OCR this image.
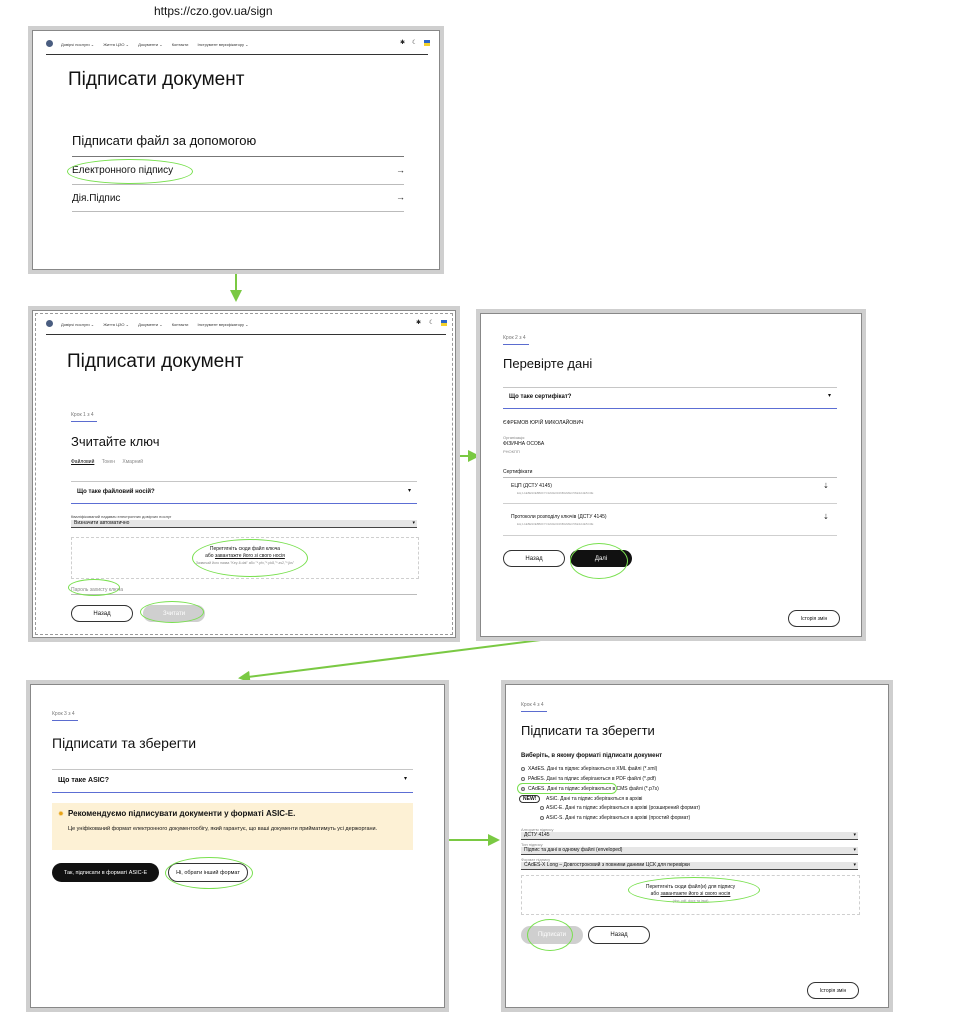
https://czo.gov.ua/sign
Довірчі послуги ⌄ Життя ЦЗО ⌄ Документи ⌄ Контакти Інструмент верифікатору ⌄	✱ ☾
Підписати документ
Підписати файл за допомогою
Електронного підпису	→
Дія.Підпис	→
Довірчі послуги ⌄ Життя ЦЗО ⌄ Документи ⌄ Контакти Інструмент верифікатору ⌄	✱ ☾
Підписати документ
Крок 1 з 4
Зчитайте ключ
Файловий Токен Хмарний
Що таке файловий носій?	▾
Кваліфікований надавач електронних довірчих послуг
Визначити автоматично	▾
Перетягніть сюди файл ключа
або завантажте його зі свого носія
Зазвичай його назва "Key-6.dat" або "*.pfx,"*.pk8,"*.zs2,"*.jks"
Пароль захисту ключа
Назад	Зчитати
Крок 2 з 4
Перевірте дані
Що таке сертифікат?	▾
ЄФРЕМОВ ЮРІЙ МИКОЛАЙОВИЧ
Організація
ФІЗИЧНА ОСОБА
РНОКПП
Сертифікати
ЕЦП (ДСТУ 4145)
ЕЦ:1AE8E93E8B0F7C9A6E0346B0A8EC56E3A4E5C0E
⇣
Протоколи розподілу ключів (ДСТУ 4145)
ЕЦ:1AE8E93E8B0F7C9A6E0346B0A8EC56E3A4E5C0E
⇣
Назад	Далі
Історія змін
Крок 3 з 4
Підписати та зберегти
Що таке ASIC?	▾
✹ Рекомендуємо підписувати документи у форматі ASIC-E.
Це уніфікований формат електронного документообігу, який гарантує, що ваші документи прийматимуть усі держоргани.
Так, підписати в форматі ASIC-E	Ні, обрати інший формат
Крок 4 з 4
Підписати та зберегти
Виберіть, в якому форматі підписати документ
XAdES. Дані та підпис зберігаються в XML файлі (*.xml)
PAdES. Дані та підпис зберігаються в PDF файлі (*.pdf)
CAdES. Дані та підпис зберігаються в CMS файлі (*.p7s)
NEW!	ASiC. Дані та підпис зберігаються в архіві
ASiC-E. Дані та підпис зберігаються в архіві (розширений формат)
ASiC-S. Дані та підпис зберігаються в архіві (простий формат)
Алгоритм підпису
ДСТУ 4145	▾
Тип підпису
Підпис та дані в одному файлі (enveloped)	▾
Формат підпису
CAdES-X Long – Довгостроковий з повними даними ЦСК для перевірки	▾
Перетягніть сюди файл(и) для підпису
або завантажте його зі свого носія
(doc, pdf, docx та інші)
Підписати	Назад
Історія змін
